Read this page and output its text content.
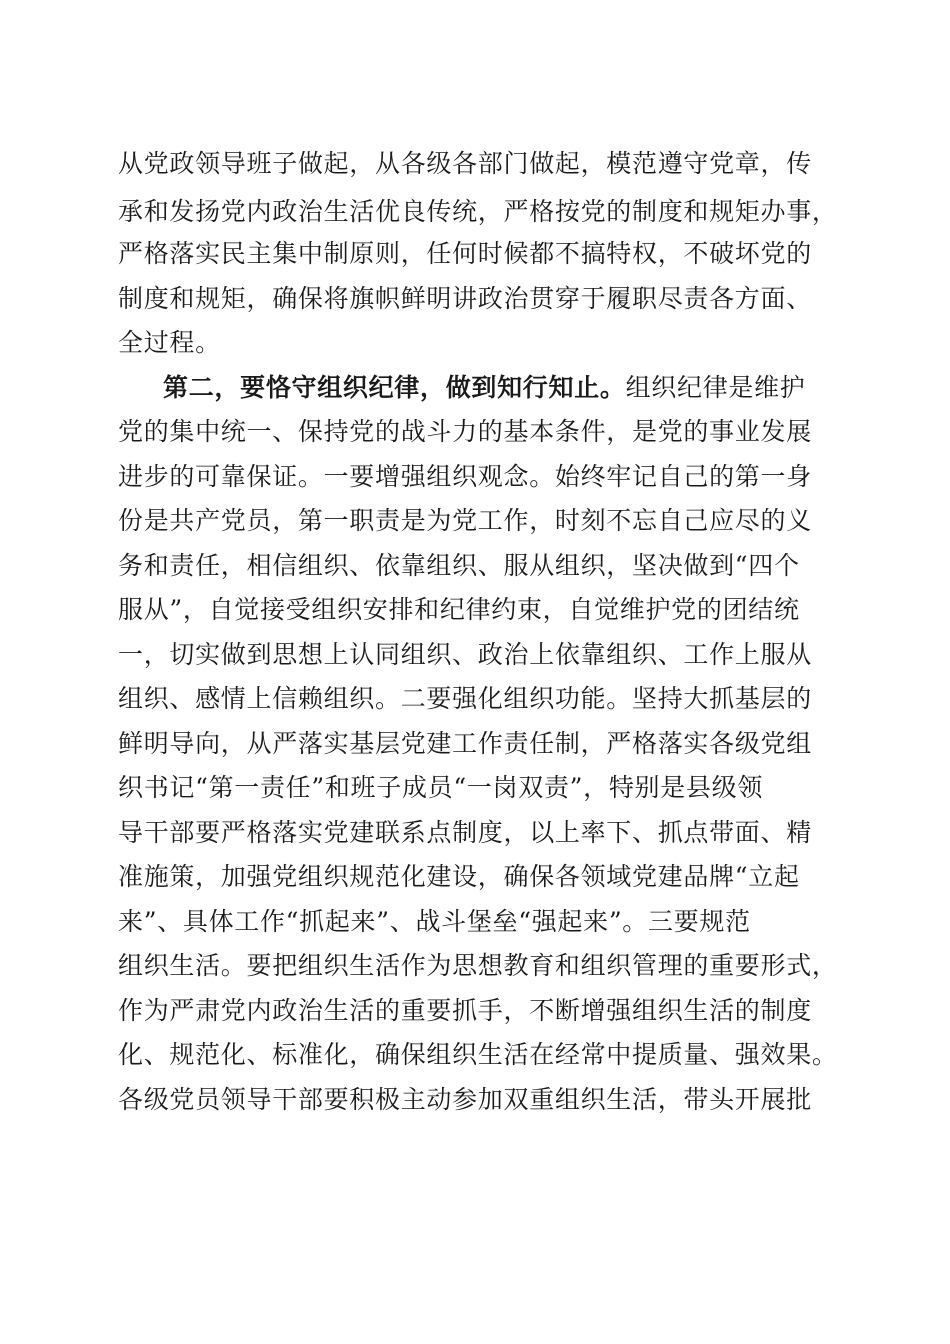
从党政领导班子做起，从各级各部门做起，模范遵守党章，传
承和发扬党内政治生活优良传统，严格按党的制度和规矩办事，
严格落实民主集中制原则，任何时候都不搞特权，不破坏党的
制度和规矩，确保将旗帜鲜明讲政治贯穿于履职尽责各方面、
全过程。
第二，要恪守组织纪律，做到知行知止。组织纪律是维护
党的集中统一、保持党的战斗力的基本条件，是党的事业发展
进步的可靠保证。一要增强组织观念。始终牢记自己的第一身
份是共产党员，第一职责是为党工作，时刻不忘自己应尽的义
务和责任，相信组织、依靠组织、服从组织，坚决做到“四个
服从”，自觉接受组织安排和纪律约束，自觉维护党的团结统
一，切实做到思想上认同组织、政治上依靠组织、工作上服从
组织、感情上信赖组织。二要强化组织功能。坚持大抓基层的
鲜明导向，从严落实基层党建工作责任制，严格落实各级党组
织书记“第一责任”和班子成员“一岗双责”，特别是县级领
导干部要严格落实党建联系点制度，以上率下、抓点带面、精
准施策，加强党组织规范化建设，确保各领域党建品牌“立起
来”、具体工作“抓起来”、战斗堡垒“强起来”。三要规范
组织生活。要把组织生活作为思想教育和组织管理的重要形式，
作为严肃党内政治生活的重要抓手，不断增强组织生活的制度
化、规范化、标准化，确保组织生活在经常中提质量、强效果。
各级党员领导干部要积极主动参加双重组织生活，带头开展批
